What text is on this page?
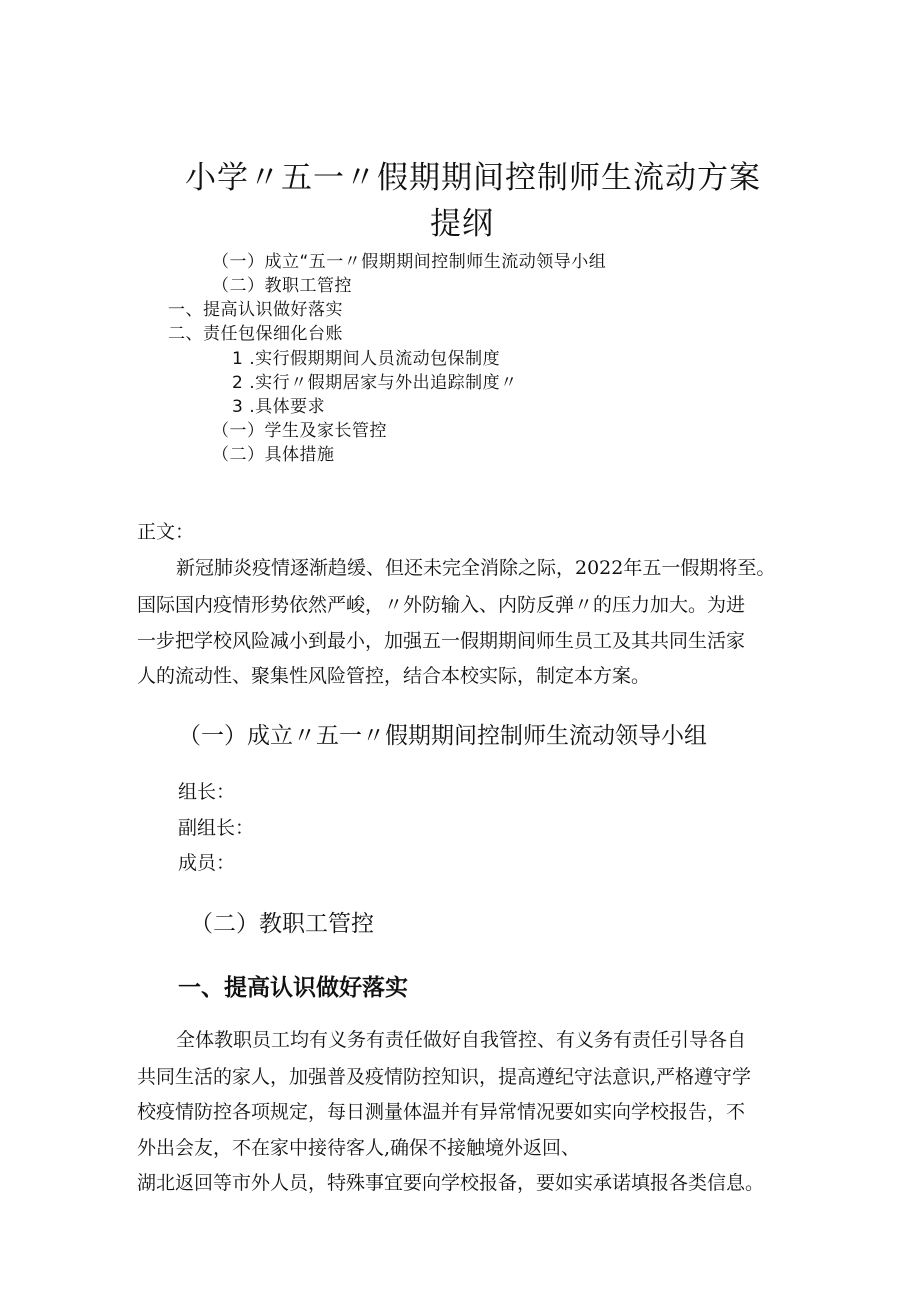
小学〃五一〃假期期间控制师生流动方案
提纲
（一）成立“五一〃假期期间控制师生流动领导小组
（二）教职工管控
一、提高认识做好落实
二、责任包保细化台账
1 .实行假期期间人员流动包保制度
2 .实行〃假期居家与外出追踪制度〃
3 .具体要求
（一）学生及家长管控
（二）具体措施
正文：
新冠肺炎疫情逐渐趋缓、但还未完全消除之际，2022年五一假期将至。
国际国内疫情形势依然严峻，〃外防输入、内防反弹〃的压力加大。为进
一步把学校风险减小到最小，加强五一假期期间师生员工及其共同生活家
人的流动性、聚集性风险管控，结合本校实际，制定本方案。
（一）成立〃五一〃假期期间控制师生流动领导小组
组长：
副组长：
成员：
（二）教职工管控
一、提高认识做好落实
全体教职员工均有义务有责任做好自我管控、有义务有责任引导各自
共同生活的家人，加强普及疫情防控知识，提高遵纪守法意识,严格遵守学
校疫情防控各项规定，每日测量体温并有异常情况要如实向学校报告，不
外出会友，不在家中接待客人,确保不接触境外返回、
湖北返回等市外人员，特殊事宜要向学校报备，要如实承诺填报各类信息。
